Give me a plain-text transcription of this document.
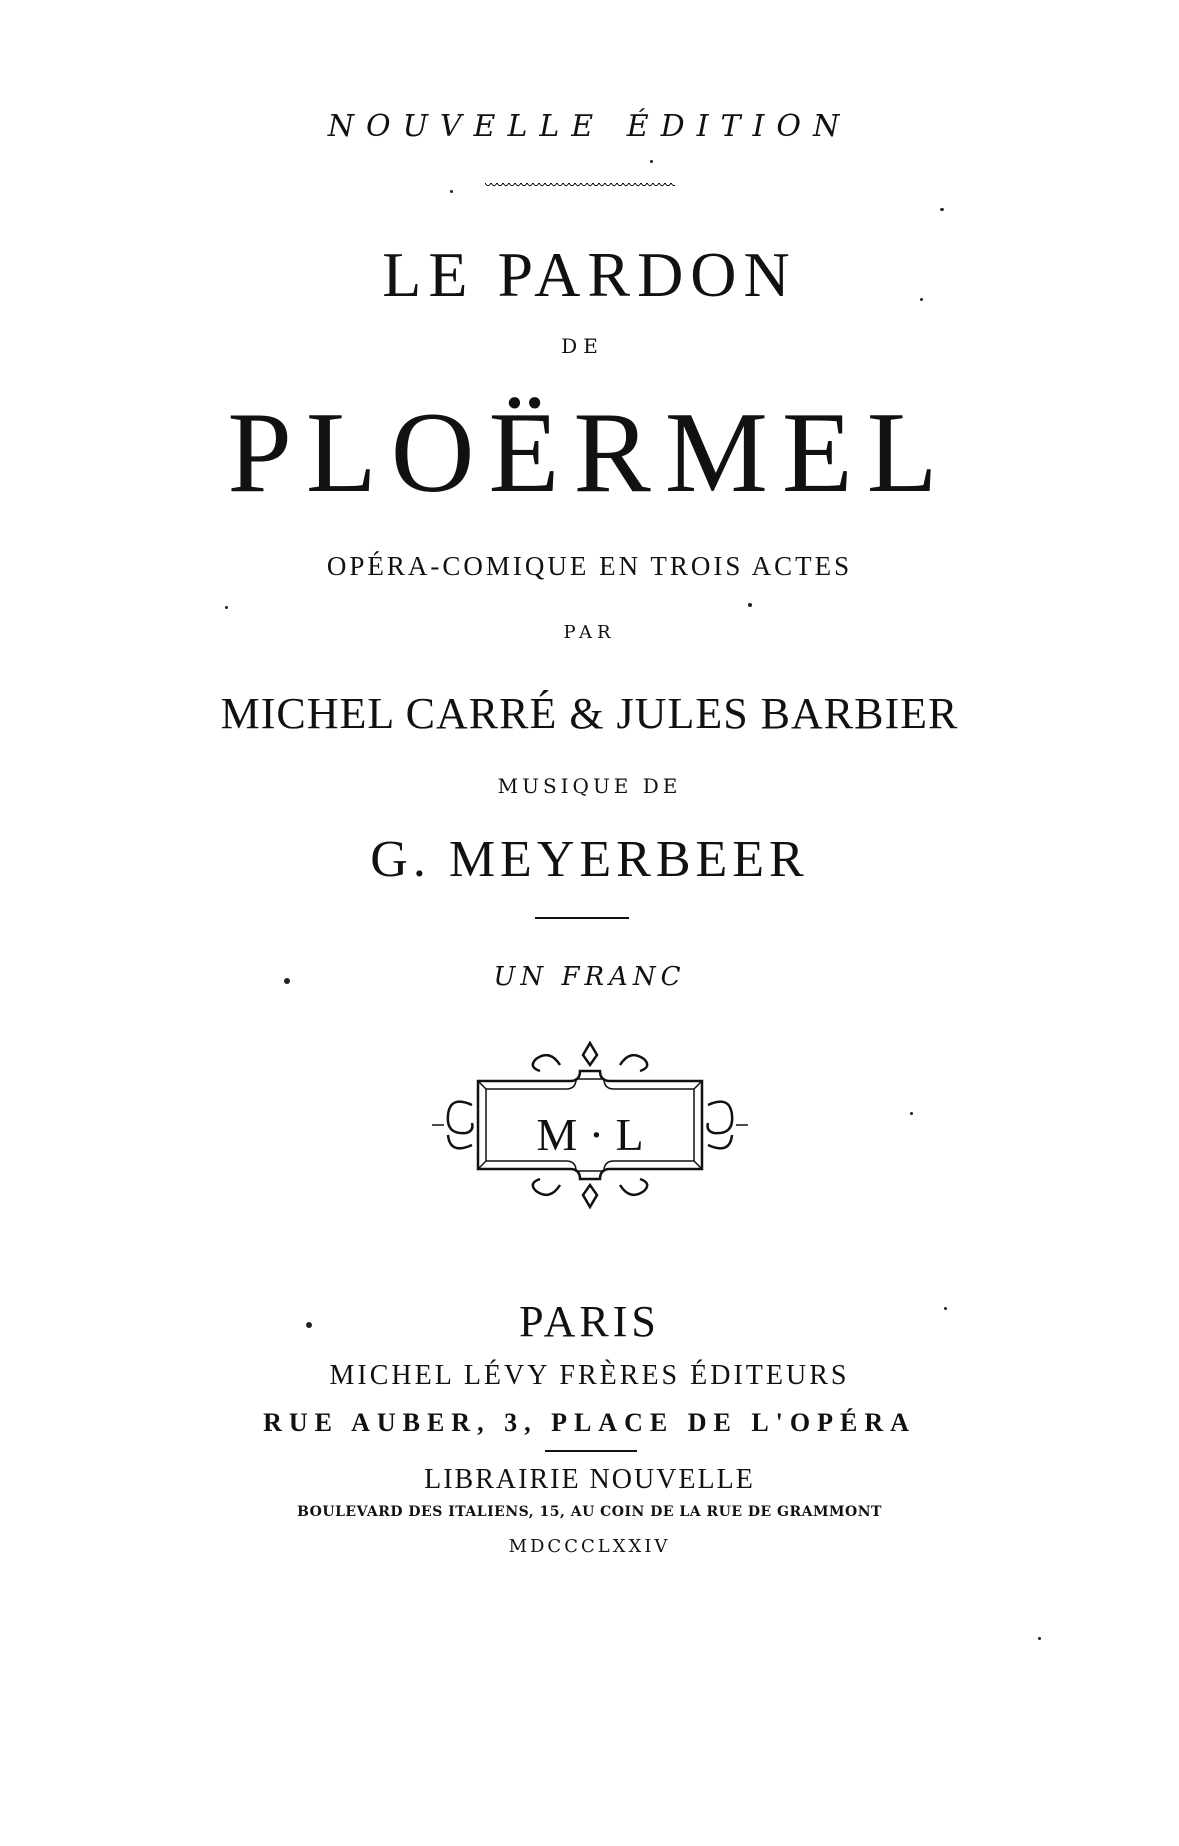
NOUVELLE ÉDITION
LE PARDON
DE
PLOËRMEL
OPÉRA-COMIQUE EN TROIS ACTES
PAR
MICHEL CARRÉ & JULES BARBIER
MUSIQUE DE
G. MEYERBEER
UN FRANC
M · L
PARIS
MICHEL LÉVY FRÈRES ÉDITEURS
RUE AUBER, 3, PLACE DE L'OPÉRA
LIBRAIRIE NOUVELLE
BOULEVARD DES ITALIENS, 15, AU COIN DE LA RUE DE GRAMMONT
MDCCCLXXIV
